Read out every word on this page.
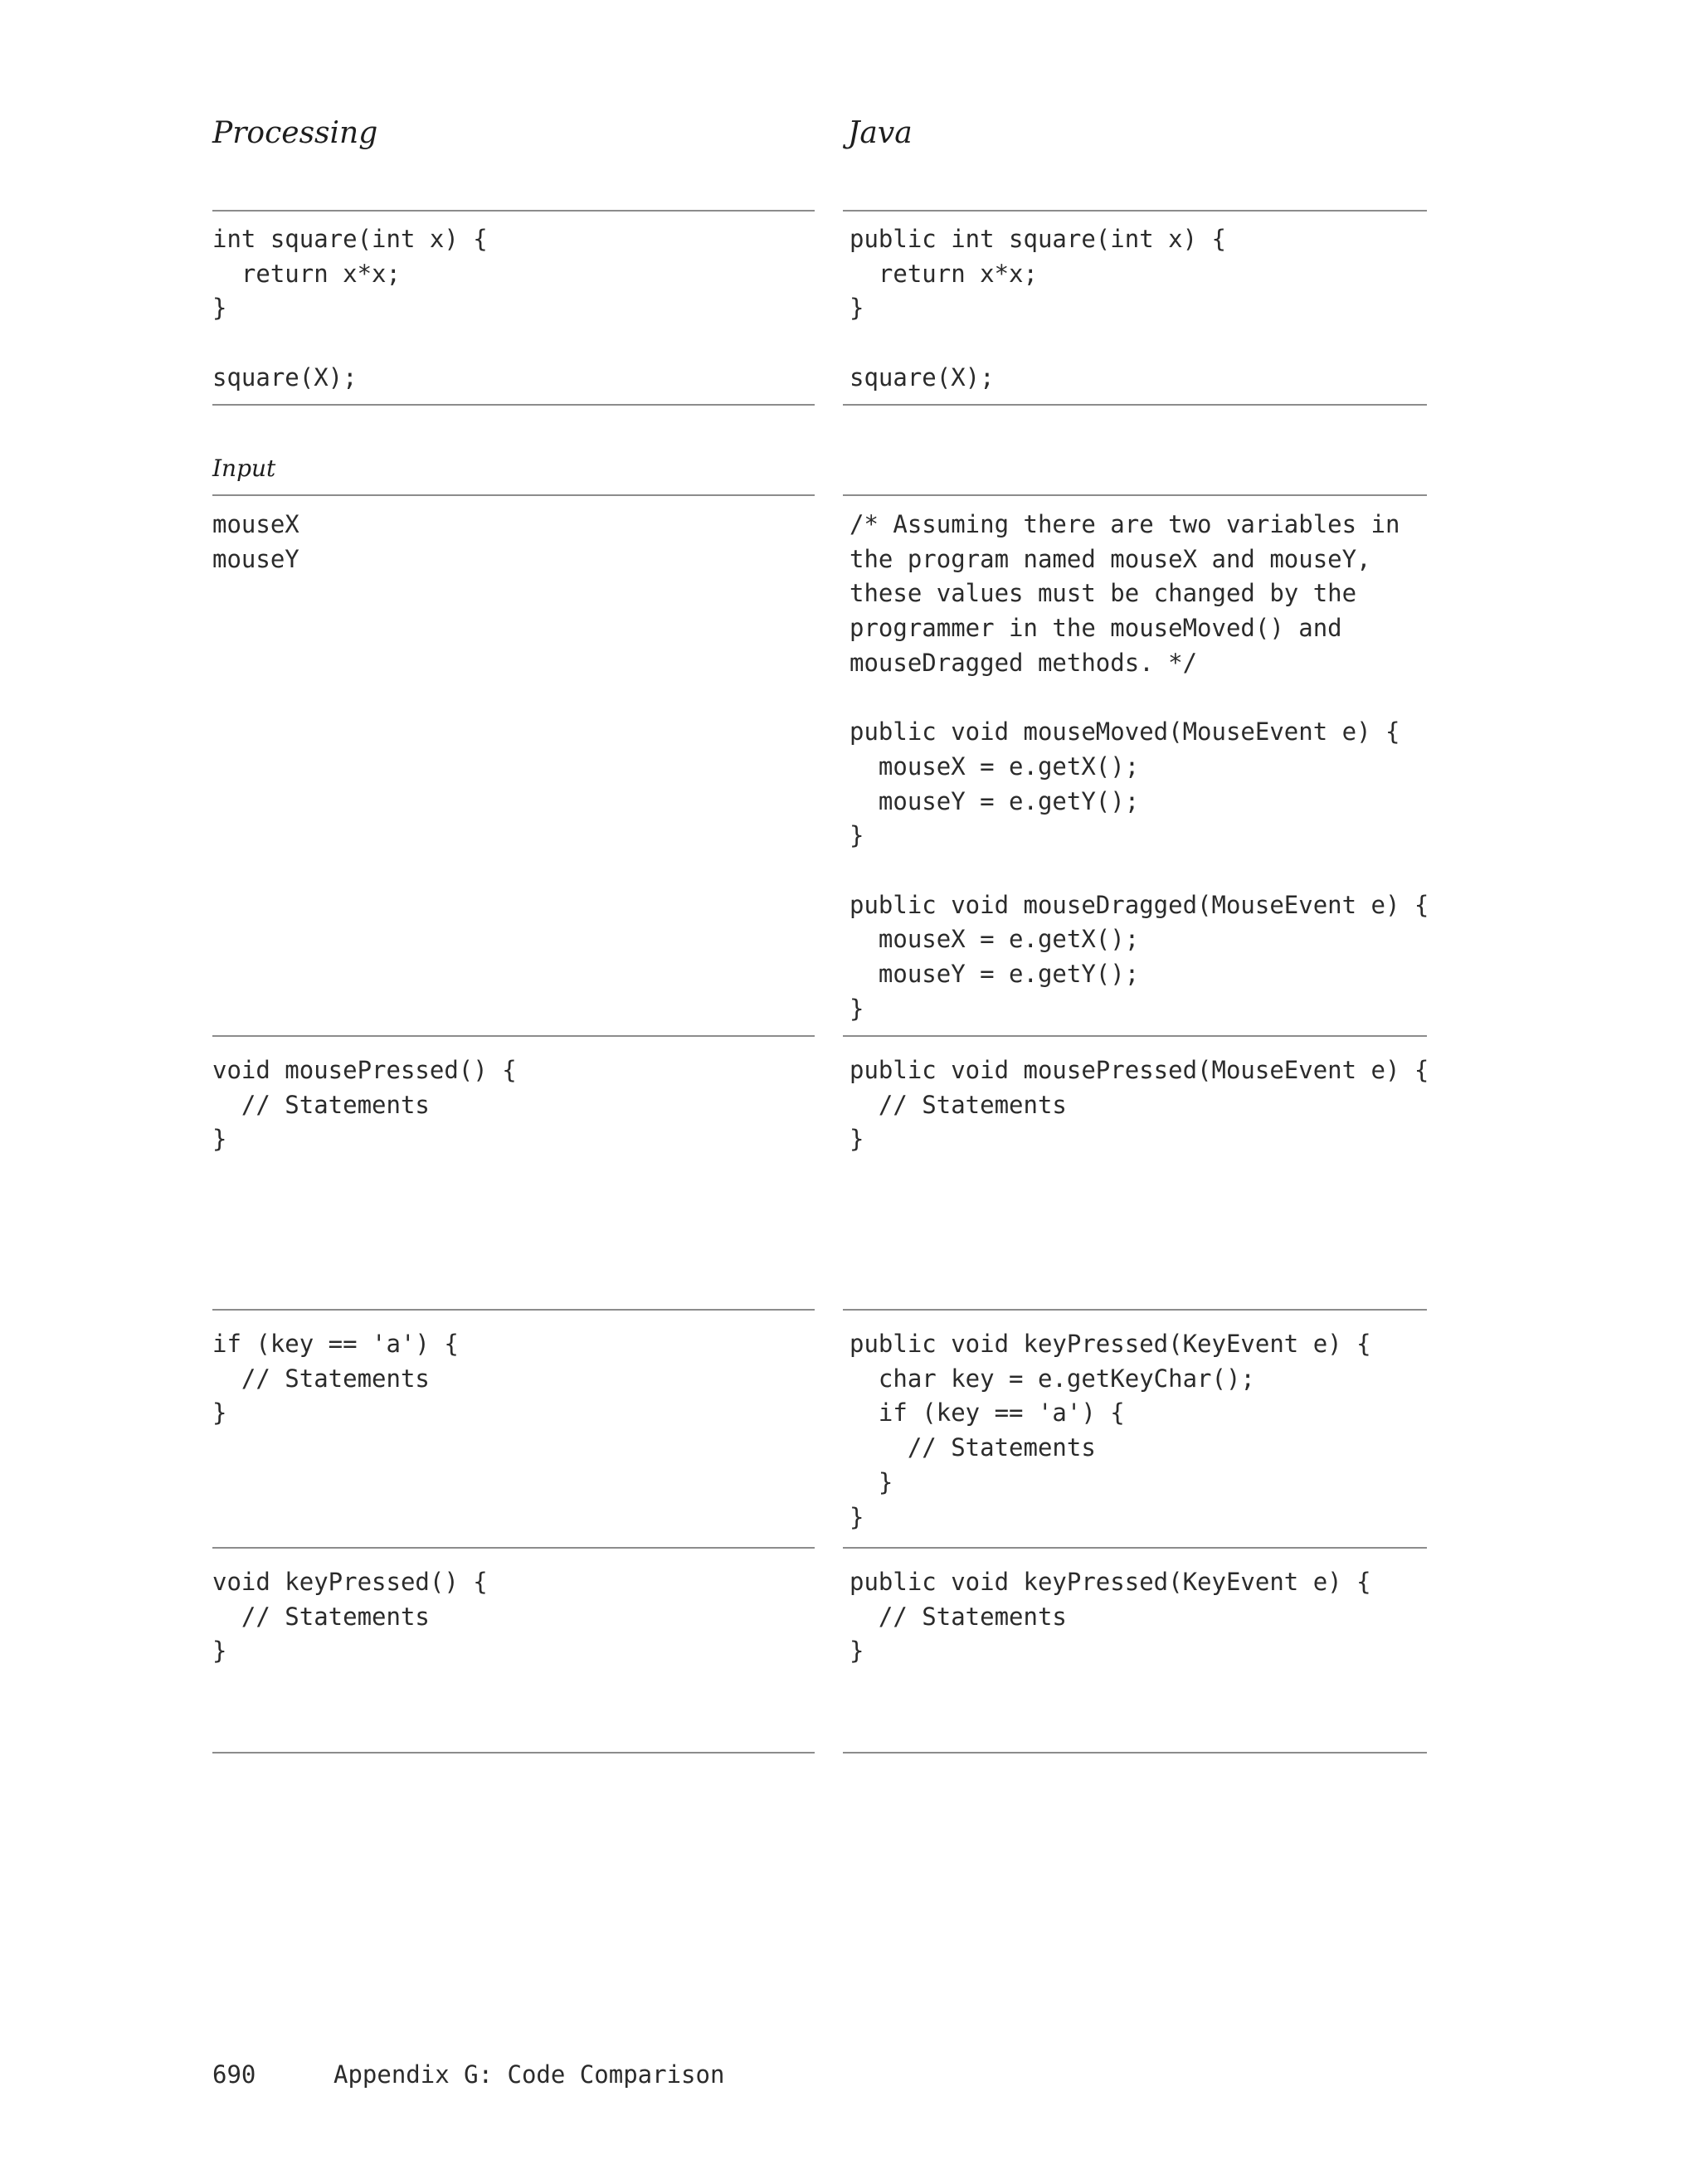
Processing	Java
int square(int x) {
return x*x;
}

square(X);
public int square(int x) {
return x*x;
}

square(X);
Input
mouseX
mouseY
/* Assuming there are two variables in
the program named mouseX and mouseY,
these values must be changed by the
programmer in the mouseMoved() and
mouseDragged methods. */

public void mouseMoved(MouseEvent e) {
mouseX = e.getX();
mouseY = e.getY();
}

public void mouseDragged(MouseEvent e) {
mouseX = e.getX();
mouseY = e.getY();
}
void mousePressed() {
// Statements
}
public void mousePressed(MouseEvent e) {
// Statements
}
if (key == 'a') {
// Statements
}
public void keyPressed(KeyEvent e) {
char key = e.getKeyChar();
if (key == 'a') {
// Statements
}
}
void keyPressed() {
// Statements
}
public void keyPressed(KeyEvent e) {
// Statements
}
690	Appendix G: Code Comparison
